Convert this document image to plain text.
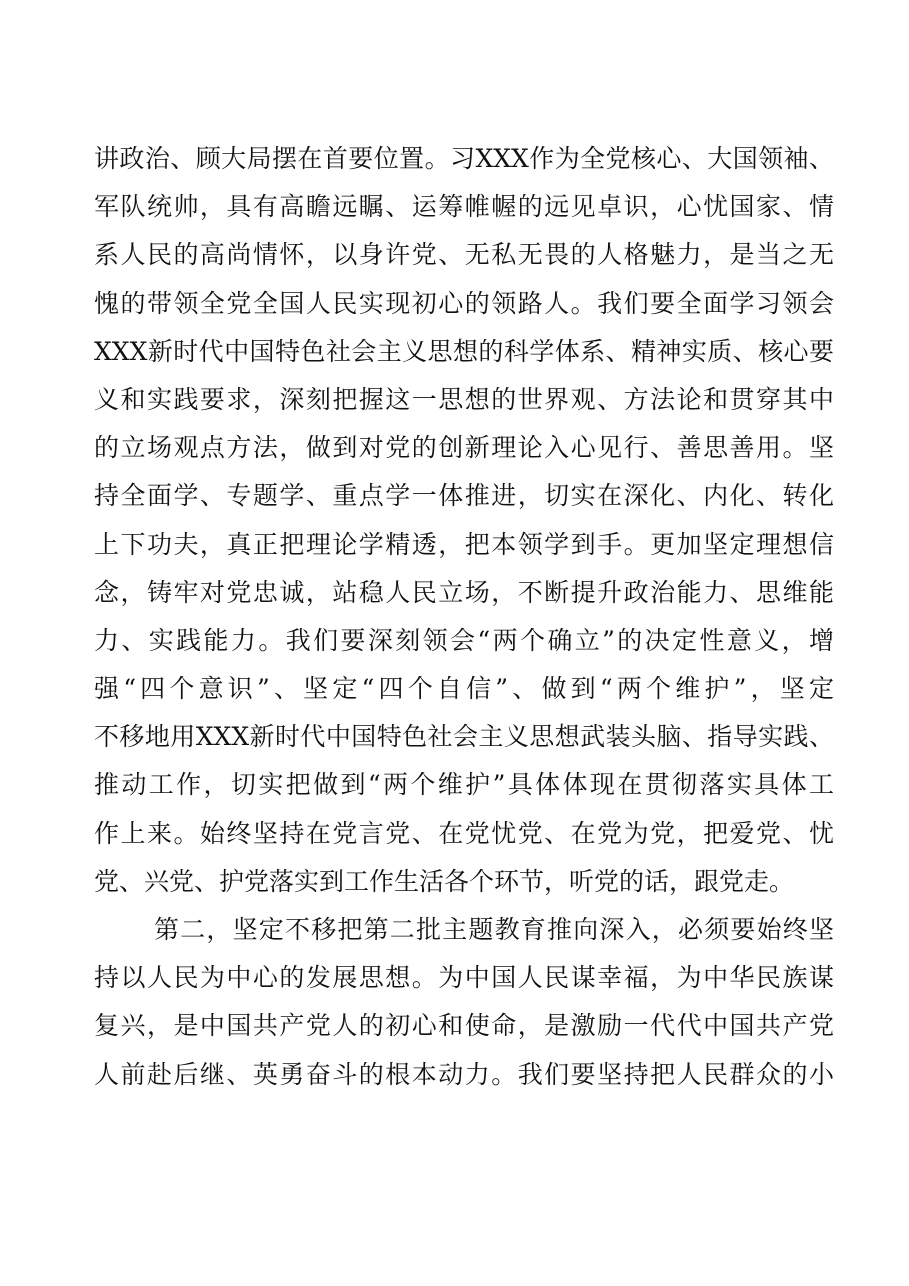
讲政治、顾大局摆在首要位置。习XXX作为全党核心、大国领袖、
军队统帅，具有高瞻远瞩、运筹帷幄的远见卓识，心忧国家、情
系人民的高尚情怀，以身许党、无私无畏的人格魅力，是当之无
愧的带领全党全国人民实现初心的领路人。我们要全面学习领会
XXX新时代中国特色社会主义思想的科学体系、精神实质、核心要
义和实践要求，深刻把握这一思想的世界观、方法论和贯穿其中
的立场观点方法，做到对党的创新理论入心见行、善思善用。坚
持全面学、专题学、重点学一体推进，切实在深化、内化、转化
上下功夫，真正把理论学精透，把本领学到手。更加坚定理想信
念，铸牢对党忠诚，站稳人民立场，不断提升政治能力、思维能
力、实践能力。我们要深刻领会“两个确立”的决定性意义，增
强“四个意识”、坚定“四个自信”、做到“两个维护”，坚定
不移地用XXX新时代中国特色社会主义思想武装头脑、指导实践、
推动工作，切实把做到“两个维护”具体体现在贯彻落实具体工
作上来。始终坚持在党言党、在党忧党、在党为党，把爱党、忧
党、兴党、护党落实到工作生活各个环节，听党的话，跟党走。
第二，坚定不移把第二批主题教育推向深入，必须要始终坚
持以人民为中心的发展思想。为中国人民谋幸福，为中华民族谋
复兴，是中国共产党人的初心和使命，是激励一代代中国共产党
人前赴后继、英勇奋斗的根本动力。我们要坚持把人民群众的小
